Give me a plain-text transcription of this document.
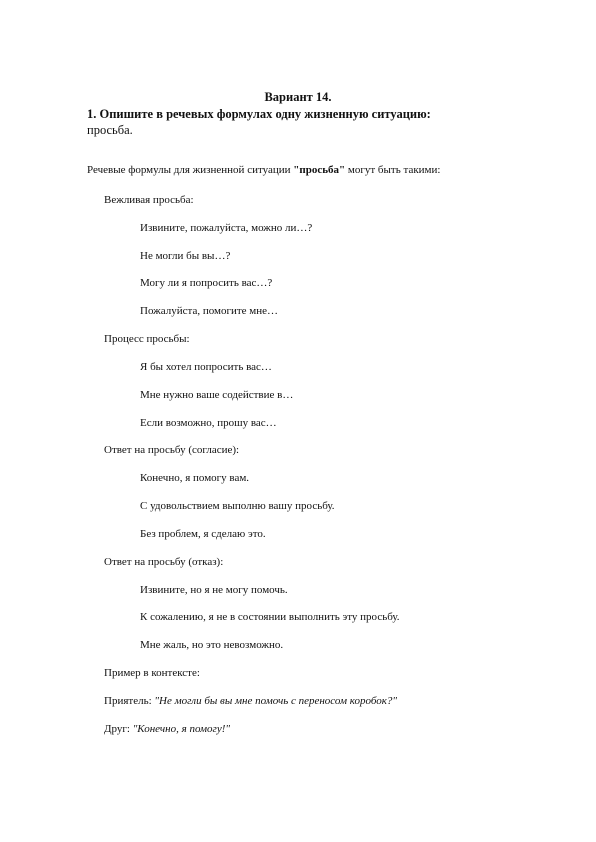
Вариант 14.
1. Опишите в речевых формулах одну жизненную ситуацию:
просьба.
Речевые формулы для жизненной ситуации "просьба" могут быть такими:
Вежливая просьба:
Извините, пожалуйста, можно ли…?
Не могли бы вы…?
Могу ли я попросить вас…?
Пожалуйста, помогите мне…
Процесс просьбы:
Я бы хотел попросить вас…
Мне нужно ваше содействие в…
Если возможно, прошу вас…
Ответ на просьбу (согласие):
Конечно, я помогу вам.
С удовольствием выполню вашу просьбу.
Без проблем, я сделаю это.
Ответ на просьбу (отказ):
Извините, но я не могу помочь.
К сожалению, я не в состоянии выполнить эту просьбу.
Мне жаль, но это невозможно.
Пример в контексте:
Приятель: "Не могли бы вы мне помочь с переносом коробок?"
Друг: "Конечно, я помогу!"
